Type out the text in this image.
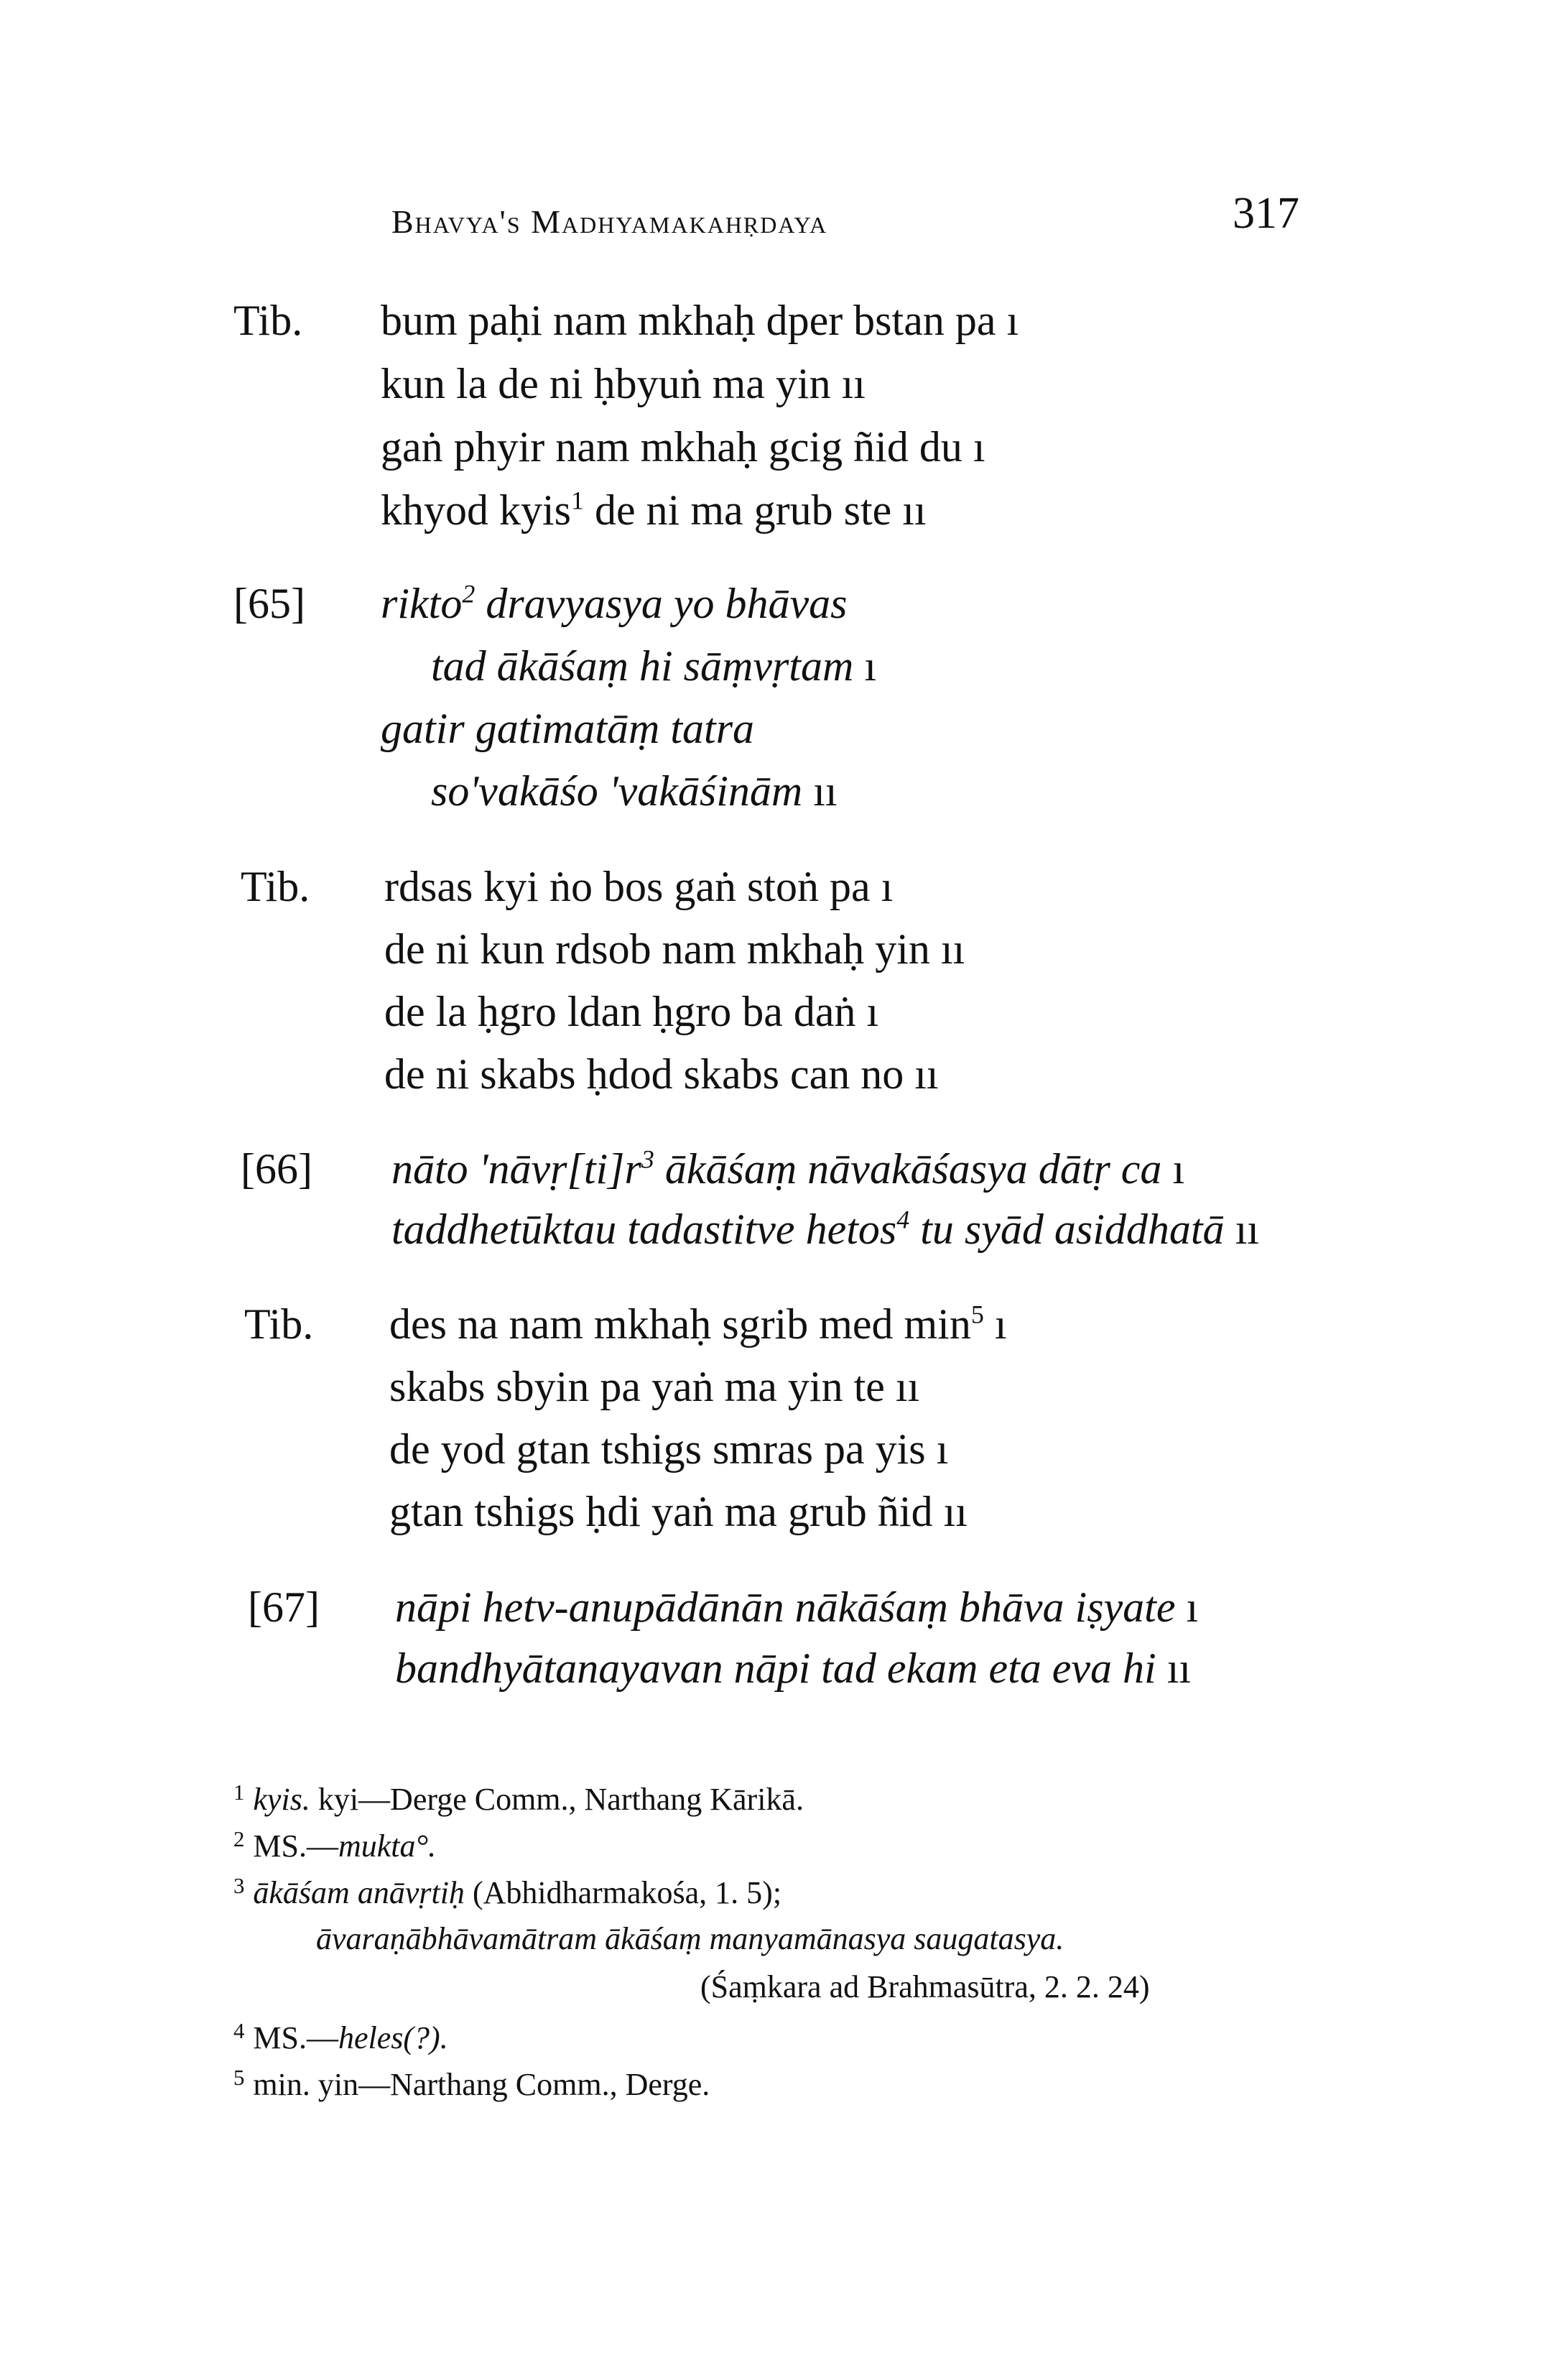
Bhavya's Madhyamakahṛdaya	317
Tib. bum paḥi nam mkhaḥ dper bstan pa ı
kun la de ni ḥbyuṅ ma yin ıı
gaṅ phyir nam mkhaḥ gcig ñid du ı
khyod kyis$^1$ de ni ma grub ste ıı
[65] rikto$^2$ dravyasya yo bhāvas
tad ākāśaṃ hi sāṃvṛtam ı
gatir gatimatāṃ tatra
so'vakāśo 'vakāśinām ıı
Tib. rdsas kyi ṅo bos gaṅ stoṅ pa ı
de ni kun rdsob nam mkhaḥ yin ıı
de la ḥgro ldan ḥgro ba daṅ ı
de ni skabs ḥdod skabs can no ıı
[66] nāto '$nāvṛ[ti]r^3$ ākāśaṃ nāvakāśasya dātṛ ca ı
taddhetūktau tadastitve hetos$^4$ tu syād asiddhatā ıı
Tib. des na nam mkhaḥ sgrib med $\min^5$ ı
skabs sbyin pa yaṅ ma yin te ıı
de yod gtan tshigs smras pa yis ı
gtan tshigs ḥdi yaṅ ma grub ñid ıı
[67] nāpi hetv-anupādānān nākāśaṃ bhāva iṣyate ı
bandhyātanayavan nāpi tad ekam eta eva hi ıı
$^1$ kyis. kyi—Derge Comm., Narthang Kārikā.
$^2$ MS.—mukta°.
$^3$ ākāśam anāvṛtiḥ (Abhidharmakośa, 1. 5);
āvaraṇābhāvamātram ākāśaṃ manyamānasya saugatasya.
(Śaṃkara ad Brahmasūtra, 2. 2. 24)
$^4$ MS.—heles(?).
$^5$ min. yin—Narthang Comm., Derge.
